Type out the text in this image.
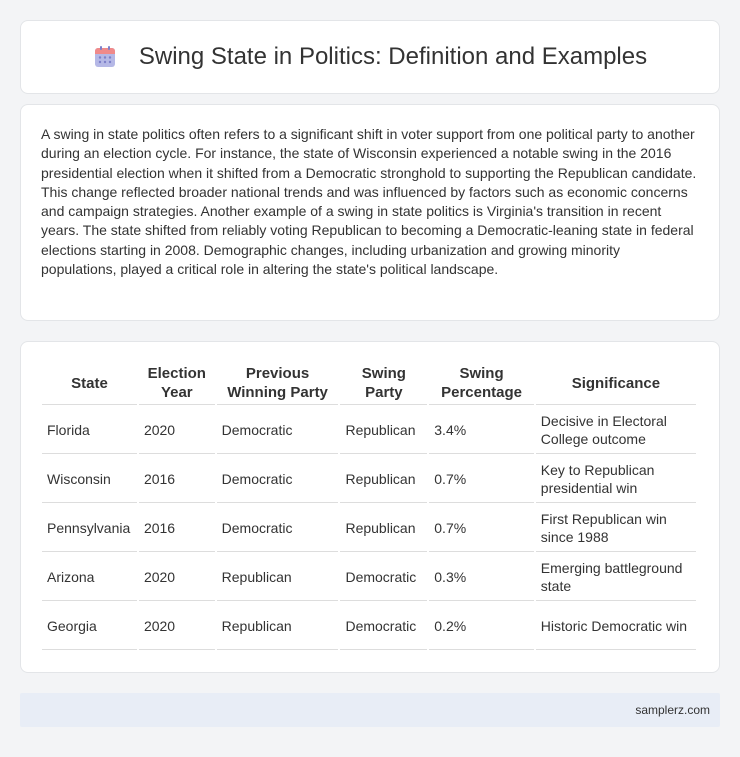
Swing State in Politics: Definition and Examples

A swing in state politics often refers to a significant shift in voter support from one political party to another during an election cycle. For instance, the state of Wisconsin experienced a notable swing in the 2016 presidential election when it shifted from a Democratic stronghold to supporting the Republican candidate. This change reflected broader national trends and was influenced by factors such as economic concerns and campaign strategies. Another example of a swing in state politics is Virginia's transition in recent years. The state shifted from reliably voting Republican to becoming a Democratic-leaning state in federal elections starting in 2008. Demographic changes, including urbanization and growing minority populations, played a critical role in altering the state's political landscape.

State	Election Year	Previous Winning Party	Swing Party	Swing Percentage	Significance
Florida	2020	Democratic	Republican	3.4%	Decisive in Electoral College outcome
Wisconsin	2016	Democratic	Republican	0.7%	Key to Republican presidential win
Pennsylvania	2016	Democratic	Republican	0.7%	First Republican win since 1988
Arizona	2020	Republican	Democratic	0.3%	Emerging battleground state
Georgia	2020	Republican	Democratic	0.2%	Historic Democratic win
samplerz.com
